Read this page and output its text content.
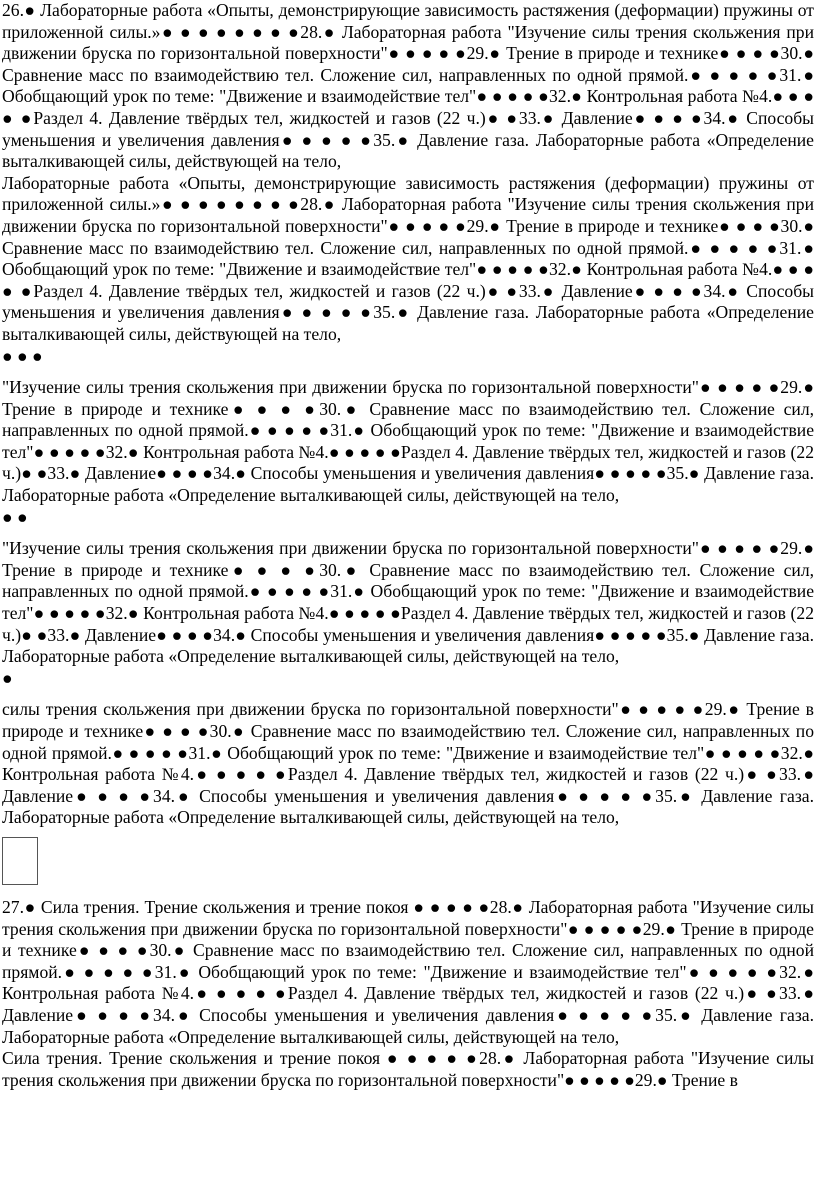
26.● Лабораторные работа «Опыты, демонстрирующие зависимость растяжения (деформации) пружины от приложенной силы.»● ● ● ● ● ● ● ●28.● Лабораторная работа "Изучение силы трения скольжения при движении бруска по горизонтальной поверхности"● ● ● ● ●29.● Трение в природе и технике● ● ● ●30.● Сравнение масс по взаимодействию тел. Сложение сил, направленных по одной прямой.● ● ● ● ●31.● Обобщающий урок по теме: "Движение и взаимодействие тел"● ● ● ● ●32.● Контрольная работа №4.● ● ● ● ●Раздел 4. Давление твёрдых тел, жидкостей и газов (22 ч.)● ●33.● Давление● ● ● ●34.● Способы уменьшения и увеличения давления● ● ● ● ●35.● Давление газа. Лабораторные работа «Определение выталкивающей силы, действующей на тело,

Лабораторные работа «Опыты, демонстрирующие зависимость растяжения (деформации) пружины от приложенной силы.»● ● ● ● ● ● ● ●28.● Лабораторная работа "Изучение силы трения скольжения при движении бруска по горизонтальной поверхности"● ● ● ● ●29.● Трение в природе и технике● ● ● ●30.● Сравнение масс по взаимодействию тел. Сложение сил, направленных по одной прямой.● ● ● ● ●31.● Обобщающий урок по теме: "Движение и взаимодействие тел"● ● ● ● ●32.● Контрольная работа №4.● ● ● ● ●Раздел 4. Давление твёрдых тел, жидкостей и газов (22 ч.)● ●33.● Давление● ● ● ●34.● Способы уменьшения и увеличения давления● ● ● ● ●35.● Давление газа. Лабораторные работа «Определение выталкивающей силы, действующей на тело,

● ● ●

"Изучение силы трения скольжения при движении бруска по горизонтальной поверхности"● ● ● ● ●29.● Трение в природе и технике● ● ● ●30.● Сравнение масс по взаимодействию тел. Сложение сил, направленных по одной прямой.● ● ● ● ●31.● Обобщающий урок по теме: "Движение и взаимодействие тел"● ● ● ● ●32.● Контрольная работа №4.● ● ● ● ●Раздел 4. Давление твёрдых тел, жидкостей и газов (22 ч.)● ●33.● Давление● ● ● ●34.● Способы уменьшения и увеличения давления● ● ● ● ●35.● Давление газа. Лабораторные работа «Определение выталкивающей силы, действующей на тело,

● ●

"Изучение силы трения скольжения при движении бруска по горизонтальной поверхности"● ● ● ● ●29.● Трение в природе и технике● ● ● ●30.● Сравнение масс по взаимодействию тел. Сложение сил, направленных по одной прямой.● ● ● ● ●31.● Обобщающий урок по теме: "Движение и взаимодействие тел"● ● ● ● ●32.● Контрольная работа №4.● ● ● ● ●Раздел 4. Давление твёрдых тел, жидкостей и газов (22 ч.)● ●33.● Давление● ● ● ●34.● Способы уменьшения и увеличения давления● ● ● ● ●35.● Давление газа. Лабораторные работа «Определение выталкивающей силы, действующей на тело,

●

силы трения скольжения при движении бруска по горизонтальной поверхности"● ● ● ● ●29.● Трение в природе и технике● ● ● ●30.● Сравнение масс по взаимодействию тел. Сложение сил, направленных по одной прямой.● ● ● ● ●31.● Обобщающий урок по теме: "Движение и взаимодействие тел"● ● ● ● ●32.● Контрольная работа №4.● ● ● ● ●Раздел 4. Давление твёрдых тел, жидкостей и газов (22 ч.)● ●33.● Давление● ● ● ●34.● Способы уменьшения и увеличения давления● ● ● ● ●35.● Давление газа. Лабораторные работа «Определение выталкивающей силы, действующей на тело,

27.● Сила трения. Трение скольжения и трение покоя ● ● ● ● ●28.● Лабораторная работа "Изучение силы трения скольжения при движении бруска по горизонтальной поверхности"● ● ● ● ●29.● Трение в природе и технике● ● ● ●30.● Сравнение масс по взаимодействию тел. Сложение сил, направленных по одной прямой.● ● ● ● ●31.● Обобщающий урок по теме: "Движение и взаимодействие тел"● ● ● ● ●32.● Контрольная работа №4.● ● ● ● ●Раздел 4. Давление твёрдых тел, жидкостей и газов (22 ч.)● ●33.● Давление● ● ● ●34.● Способы уменьшения и увеличения давления● ● ● ● ●35.● Давление газа. Лабораторные работа «Определение выталкивающей силы, действующей на тело,

Сила трения. Трение скольжения и трение покоя ● ● ● ● ●28.● Лабораторная работа "Изучение силы трения скольжения при движении бруска по горизонтальной поверхности"● ● ● ● ●29.● Трение в
